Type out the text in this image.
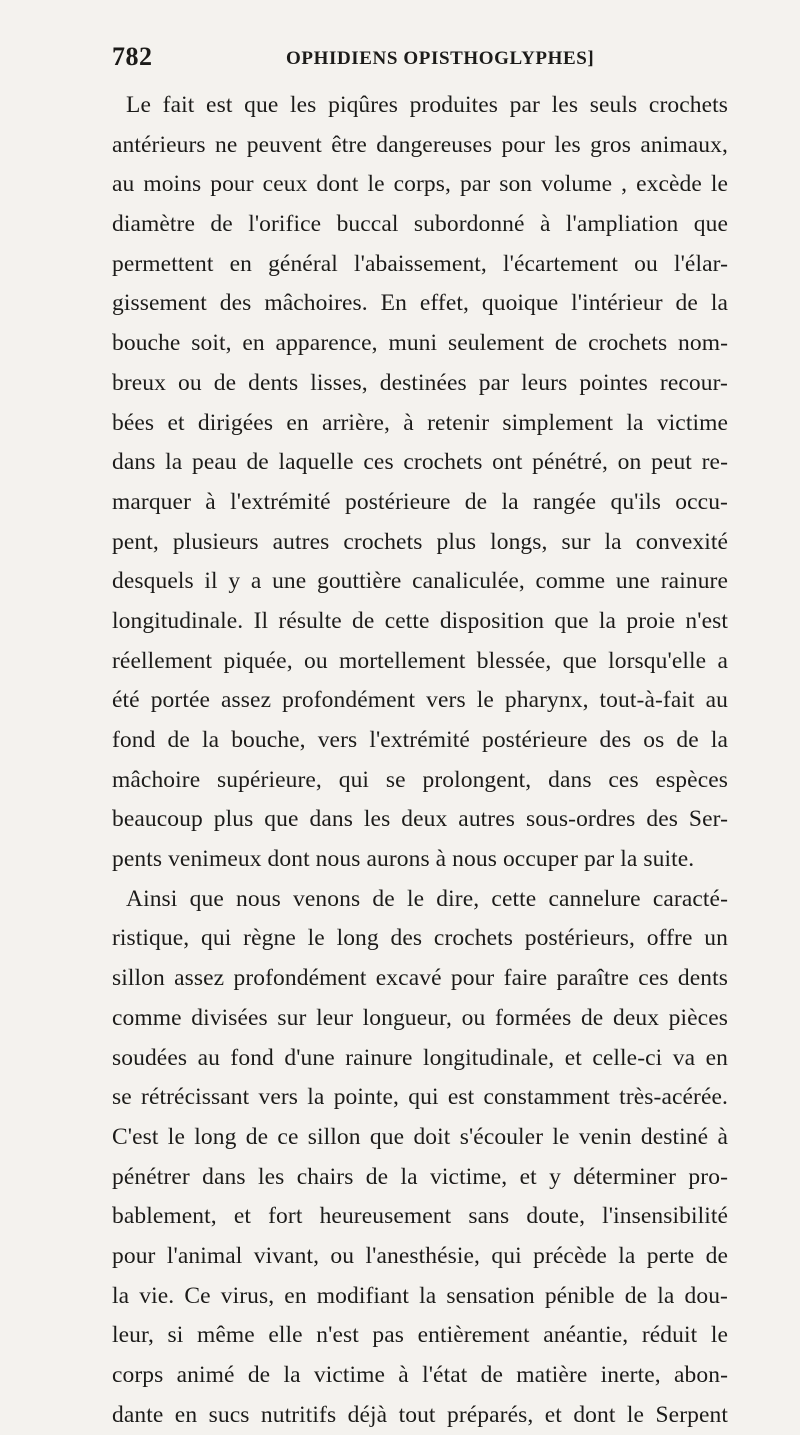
782	OPHIDIENS OPISTHOGLYPHES]
Le fait est que les piqûres produites par les seuls crochets
antérieurs ne peuvent être dangereuses pour les gros animaux,
au moins pour ceux dont le corps, par son volume , excède le
diamètre de l'orifice buccal subordonné à l'ampliation que
permettent en général l'abaissement, l'écartement ou l'élar-
gissement des mâchoires. En effet, quoique l'intérieur de la
bouche soit, en apparence, muni seulement de crochets nom-
breux ou de dents lisses, destinées par leurs pointes recour-
bées et dirigées en arrière, à retenir simplement la victime
dans la peau de laquelle ces crochets ont pénétré, on peut re-
marquer à l'extrémité postérieure de la rangée qu'ils occu-
pent, plusieurs autres crochets plus longs, sur la convexité
desquels il y a une gouttière canaliculée, comme une rainure
longitudinale. Il résulte de cette disposition que la proie n'est
réellement piquée, ou mortellement blessée, que lorsqu'elle a
été portée assez profondément vers le pharynx, tout-à-fait au
fond de la bouche, vers l'extrémité postérieure des os de la
mâchoire supérieure, qui se prolongent, dans ces espèces
beaucoup plus que dans les deux autres sous-ordres des Ser-
pents venimeux dont nous aurons à nous occuper par la suite.
Ainsi que nous venons de le dire, cette cannelure caracté-
ristique, qui règne le long des crochets postérieurs, offre un
sillon assez profondément excavé pour faire paraître ces dents
comme divisées sur leur longueur, ou formées de deux pièces
soudées au fond d'une rainure longitudinale, et celle-ci va en
se rétrécissant vers la pointe, qui est constamment très-acérée.
C'est le long de ce sillon que doit s'écouler le venin destiné à
pénétrer dans les chairs de la victime, et y déterminer pro-
bablement, et fort heureusement sans doute, l'insensibilité
pour l'animal vivant, ou l'anesthésie, qui précède la perte de
la vie. Ce virus, en modifiant la sensation pénible de la dou-
leur, si même elle n'est pas entièrement anéantie, réduit le
corps animé de la victime à l'état de matière inerte, abon-
dante en sucs nutritifs déjà tout préparés, et dont le Serpent
